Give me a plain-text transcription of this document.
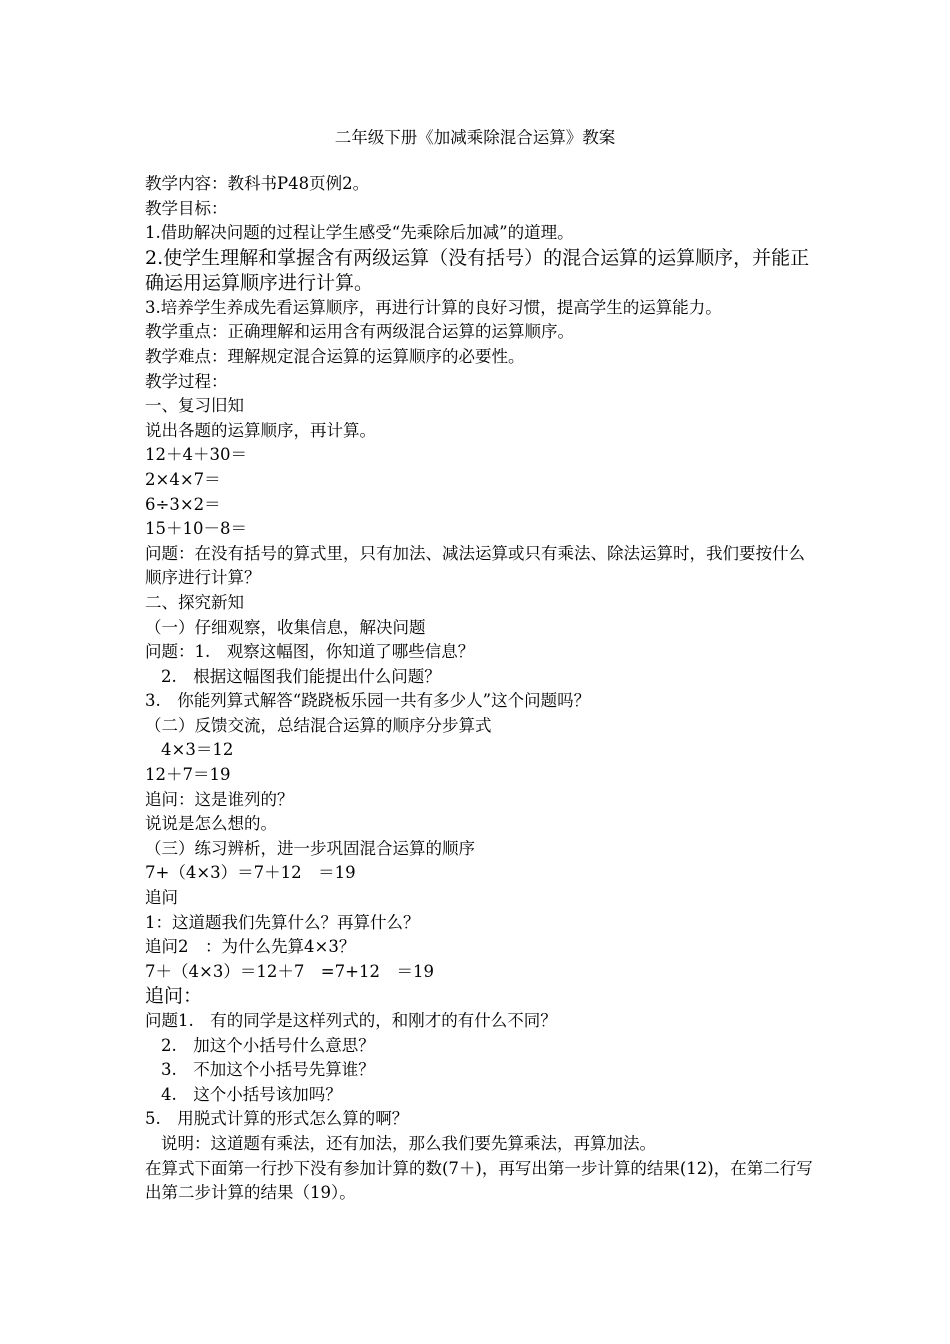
二年级下册《加减乘除混合运算》教案
教学内容：教科书P48页例2。
教学目标：
1.借助解决问题的过程让学生感受“先乘除后加减”的道理。
2.使学生理解和掌握含有两级运算（没有括号）的混合运算的运算顺序，并能正确运用运算顺序进行计算。
3.培养学生养成先看运算顺序，再进行计算的良好习惯，提高学生的运算能力。
教学重点：正确理解和运用含有两级混合运算的运算顺序。
教学难点：理解规定混合运算的运算顺序的必要性。
教学过程：
一、复习旧知
说出各题的运算顺序，再计算。
12＋4＋30＝
2×4×7＝
6÷3×2＝
15＋10－8＝
问题：在没有括号的算式里，只有加法、减法运算或只有乘法、除法运算时，我们要按什么顺序进行计算？
二、探究新知
（一）仔细观察，收集信息，解决问题
问题：1.　观察这幅图，你知道了哪些信息？
2.　根据这幅图我们能提出什么问题？
3.　你能列算式解答“跷跷板乐园一共有多少人”这个问题吗？
（二）反馈交流，总结混合运算的顺序分步算式
4×3＝12
12＋7＝19
追问：这是谁列的？
说说是怎么想的。
（三）练习辨析，进一步巩固混合运算的顺序
7+（4×3）＝7＋12　＝19
追问
1：这道题我们先算什么？再算什么？
追问2　：为什么先算4×3？
7＋（4×3）＝12＋7　=7+12　＝19
追问：
问题1.　有的同学是这样列式的，和刚才的有什么不同？
2.　加这个小括号什么意思？
3.　不加这个小括号先算谁？
4.　这个小括号该加吗？
5.　用脱式计算的形式怎么算的啊？
说明：这道题有乘法，还有加法，那么我们要先算乘法，再算加法。
在算式下面第一行抄下没有参加计算的数(7＋)，再写出第一步计算的结果(12)，在第二行写出第二步计算的结果（19）。
